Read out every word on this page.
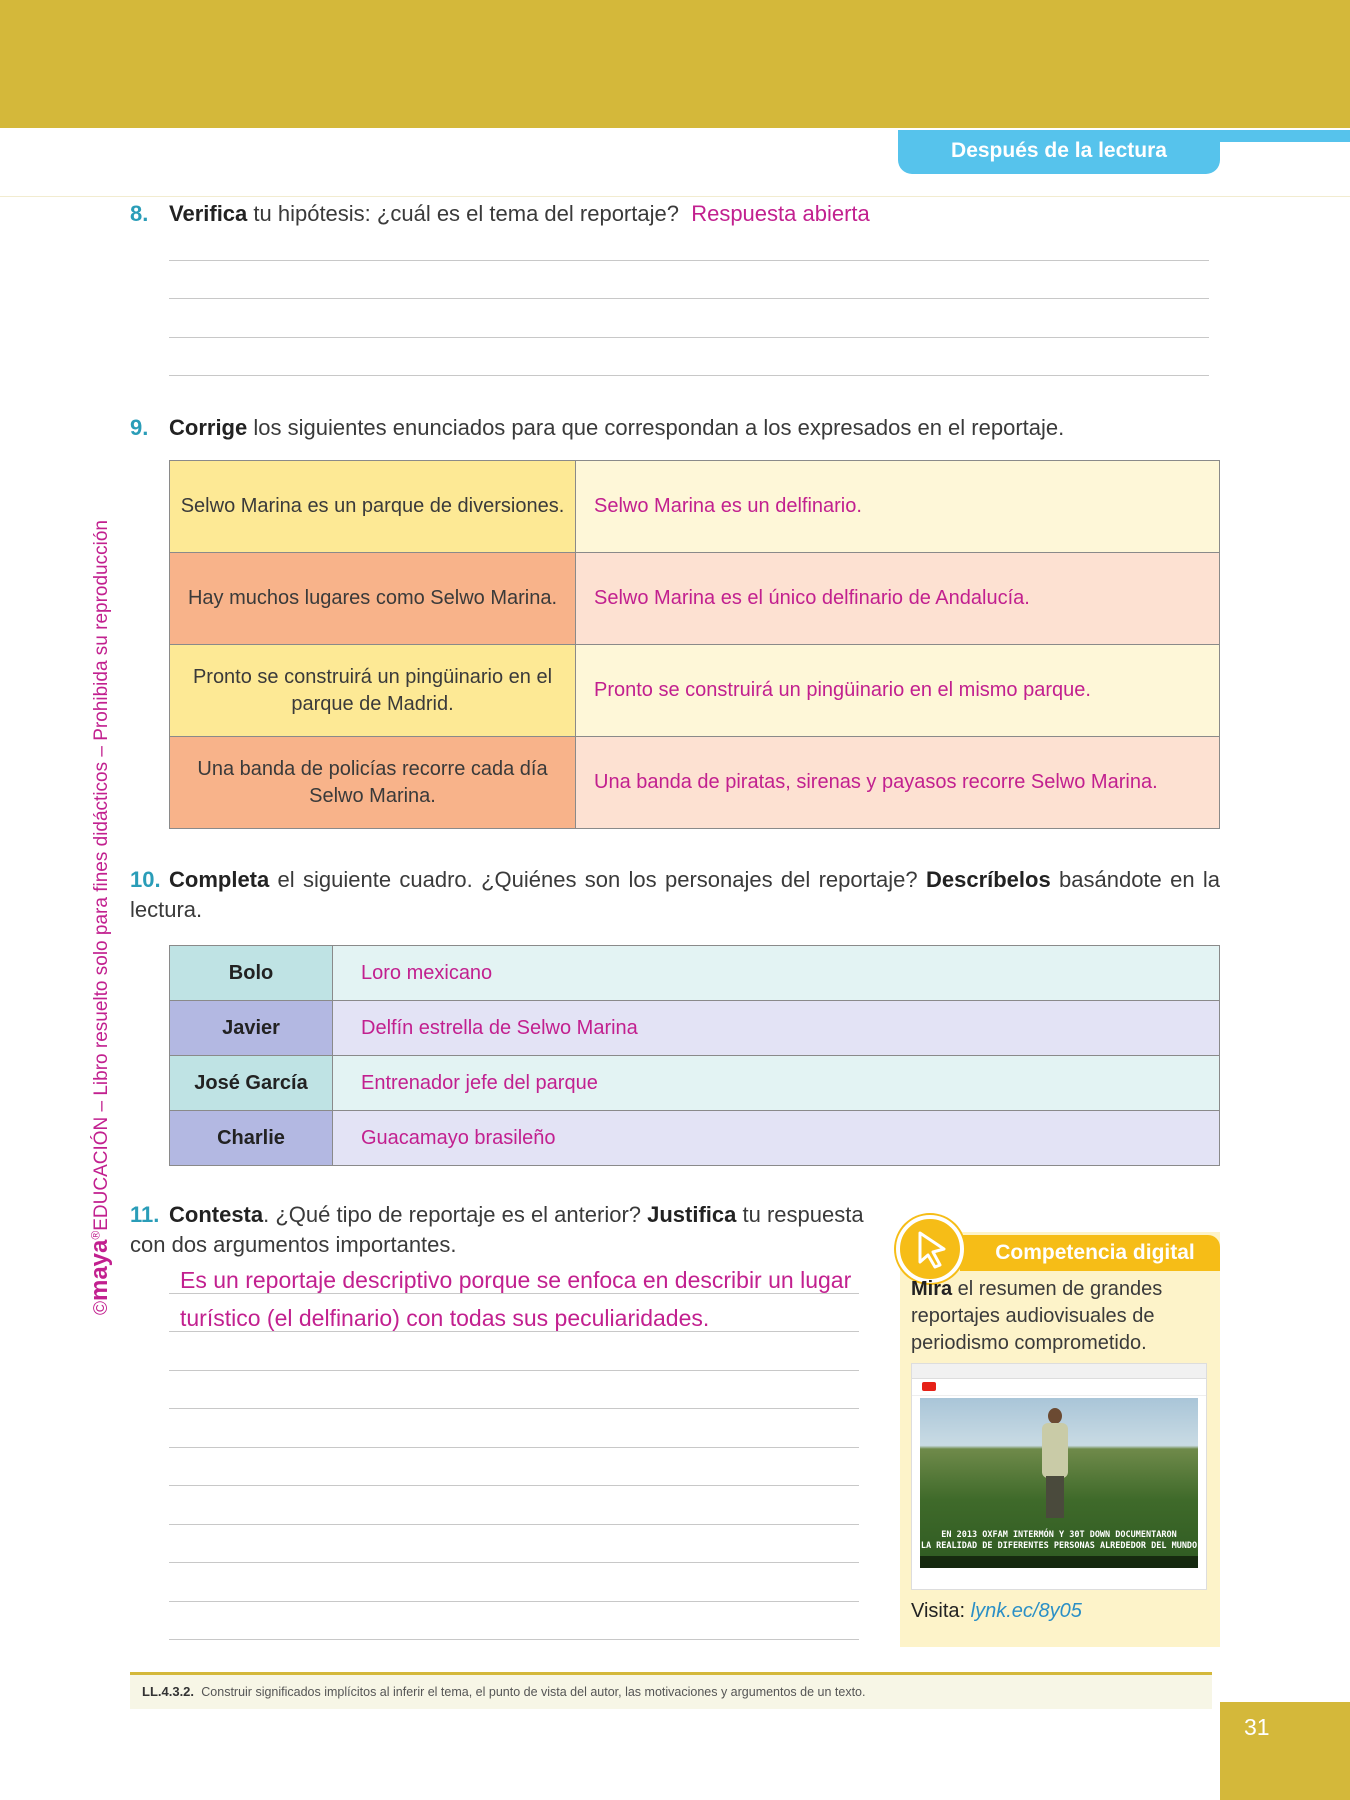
Después de la lectura
©maya®EDUCACIÓN – Libro resuelto solo para fines didácticos – Prohibida su reproducción
8. Verifica tu hipótesis: ¿cuál es el tema del reportaje? Respuesta abierta
9. Corrige los siguientes enunciados para que correspondan a los expresados en el reportaje.
Selwo Marina es un parque de diversiones.	Selwo Marina es un delfinario.
Hay muchos lugares como Selwo Marina.	Selwo Marina es el único delfinario de Andalucía.
Pronto se construirá un pingüinario en el parque de Madrid.	Pronto se construirá un pingüinario en el mismo parque.
Una banda de policías recorre cada día Selwo Marina.	Una banda de piratas, sirenas y payasos recorre Selwo Marina.
10. Completa el siguiente cuadro. ¿Quiénes son los personajes del reportaje? Descríbelos basándote en la lectura.
Bolo	Loro mexicano
Javier	Delfín estrella de Selwo Marina
José García	Entrenador jefe del parque
Charlie	Guacamayo brasileño
11. Contesta. ¿Qué tipo de reportaje es el anterior? Justifica tu respuesta con dos argumentos importantes.
Es un reportaje descriptivo porque se enfoca en describir un lugar
turístico (el delfinario) con todas sus peculiaridades.
Competencia digital
Mira el resumen de grandes reportajes audiovisuales de periodismo comprometido.
EN 2013 OXFAM INTERMÓN Y 30T DOWN DOCUMENTARON
LA REALIDAD DE DIFERENTES PERSONAS ALREDEDOR DEL MUNDO
Visita: lynk.ec/8y05
LL.4.3.2. Construir significados implícitos al inferir el tema, el punto de vista del autor, las motivaciones y argumentos de un texto.
31
